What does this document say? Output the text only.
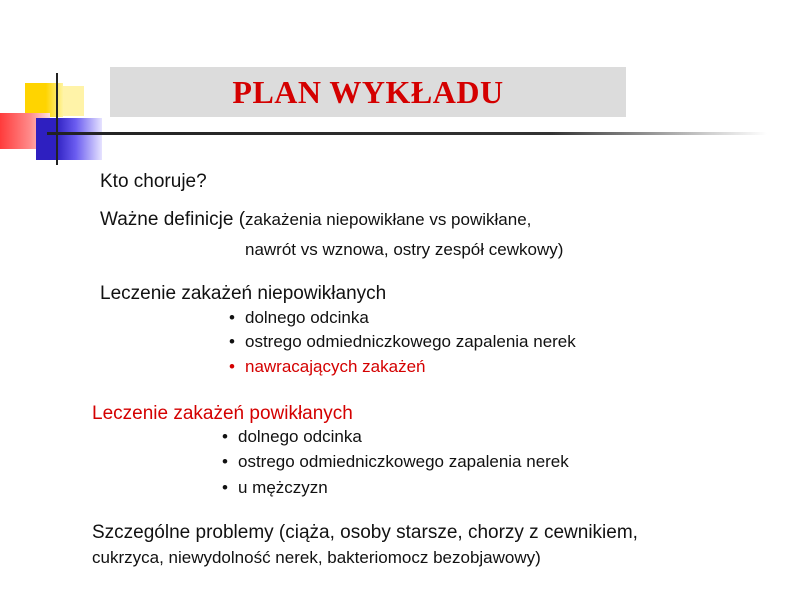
PLAN WYKŁADU
Kto choruje?
Ważne definicje (zakażenia niepowikłane vs powikłane,
nawrót vs wznowa, ostry zespół cewkowy)
Leczenie zakażeń niepowikłanych
• dolnego odcinka
• ostrego odmiedniczkowego zapalenia nerek
• nawracających zakażeń
Leczenie zakażeń powikłanych
• dolnego odcinka
• ostrego odmiedniczkowego zapalenia nerek
• u mężczyzn
Szczególne problemy (ciąża, osoby starsze, chorzy z cewnikiem,
cukrzyca, niewydolność nerek, bakteriomocz bezobjawowy)
